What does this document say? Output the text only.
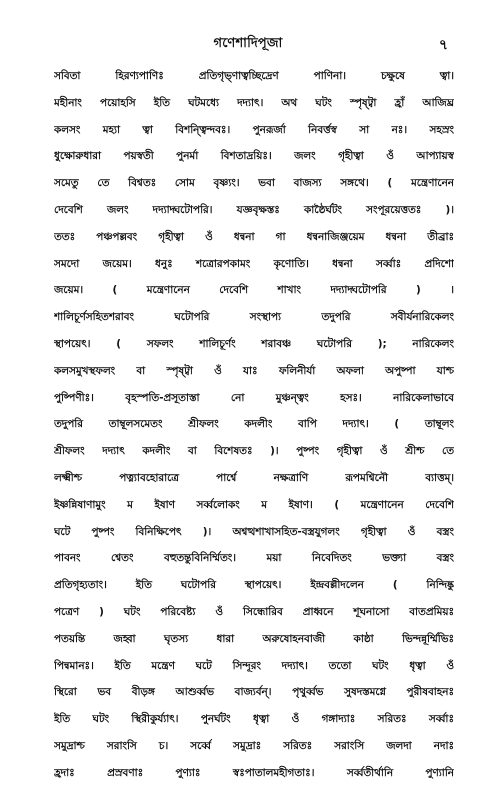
গণেশাদিপূজা	৭
সবিতা হিরণ্যপাণিঃ প্রতিগৃভ্ণাত্বচ্ছিদ্রেণ পাণিনা। চক্ষুষে ত্বা।
মহীনাং পয়োহসি ইতি ঘটমধ্যে দদ্যাৎ। অথ ঘটং স্পৃষ্ট্বা হ্রাঁ আজিঘ্র
কলসং মহ্যা ত্বা বিশন্ত্বিন্দবঃ। পুনরূর্জা নিবর্ত্তস্ব সা নঃ। সহস্রং
ধুক্ষোরুধারা পয়স্বতী পুনর্মা বিশতাদ্রয়িঃ। জলং গৃহীত্বা ওঁ আপ্যায়স্ব
সমেতু তে বিশ্বতঃ সোম বৃষ্ণ্যং। ভবা বাজস্য সঙ্গথে। ( মন্ত্রেণানেন
দেবেশি জলং দদ্যাদ্ঘটোপরি। যজ্ঞবৃক্ষস্তঃ কাষ্ঠৈর্ঘটং সংপূরয়েত্ততঃ )।
ততঃ পঞ্চপল্লবং গৃহীত্বা ওঁ ধন্বনা গা ধন্বনাজিঞ্জয়েম ধন্বনা তীব্রাঃ
সমদো জয়েম। ধনুঃ শত্রোরপকামং কৃণোতি। ধন্বনা সর্ব্বাঃ প্রদিশো
জয়েম। ( মন্ত্রেণানেন দেবেশি শাখাং দদ্যাদ্ঘটোপরি ) ।
শালিচূর্ণসহিতশরাবং ঘটোপরি সংস্থাপ্য তদুপরি সবীর্যনারিকেলং
স্থাপয়েৎ। ( সফলং শালিচূর্ণং শরাবঞ্চ ঘটোপরি ); নারিকেলং
কলসমুখস্থফলং বা স্পৃষ্ট্বা ওঁ যাঃ ফলিনীর্যা অফলা অপুষ্পা যাশ্চ
পুষ্পিণীঃ। বৃহস্পতি-প্রসূতাস্তা নো মুঞ্চন্ত্বং হসঃ। নারিকেলাভাবে
তদুপরি তাম্বূলসমেতং শ্রীফলং কদলীং বাপি দদ্যাৎ। ( তাম্বূলং
শ্রীফলং দদ্যাৎ কদলীং বা বিশেষতঃ )। পুষ্পং গৃহীত্বা ওঁ শ্রীশ্চ তে
লক্ষ্মীশ্চ পত্ন্যাবহোরাত্রে পার্শ্বে নক্ষত্রাণি রূপমশ্বিনৌ ব্যাত্তম্।
ইষ্ণন্নিষাণামুং ম ইষাণ সর্ব্বলোকং ম ইষাণ। ( মন্ত্রেণানেন দেবেশি
ঘটে পুষ্পং বিনিক্ষিপেৎ )। অশ্বত্থশাখাসহিত-বস্ত্রযুগলং গৃহীত্বা ওঁ বস্ত্রং
পাবনং শ্বেতং বহুতন্তুবিনির্ম্মিতং। ময়া নিবেদিতং ভক্ত্যা বস্ত্রং
প্রতিগৃহ্যতাং। ইতি ঘটোপরি স্থাপয়েৎ। ইন্দ্রবল্লীদলেন ( নিন্দিষ্কু
পত্রেণ ) ঘটং পরিবেষ্ট্য ওঁ সিন্ধোরিব প্রাধ্বনে শূঘনাসো বাতপ্রমিয়ঃ
পতয়ন্তি জহ্বা ঘৃতস্য ধারা অরুষোহনবাজী কাষ্ঠা ভিন্দন্নূর্ম্মিভিঃ
পিন্বমানঃ। ইতি মন্ত্রেণ ঘটে সিন্দূরং দদ্যাৎ। ততো ঘটং ধৃত্বা ওঁ
স্থিরো ভব বীড়ঙ্গ আশুর্ব্বভ বাজ্যর্বন্। পৃথুর্ব্বভ সুষদস্তমগ্নে পুরীষবাহনঃ
ইতি ঘটং স্থিরীকুর্য্যাৎ। পুনর্ঘটং ধৃত্বা ওঁ গঙ্গাদ্যাঃ সরিতঃ সর্ব্বাঃ
সমুদ্রাশ্চ সরাংসি চ। সর্ব্বে সমুদ্রাঃ সরিতঃ সরাংসি জলদা নদাঃ
হ্রদাঃ প্রস্রবণাঃ পুণ্যাঃ স্বঃপাতালমহীগতাঃ। সর্ব্বতীর্থানি পুণ্যানি
